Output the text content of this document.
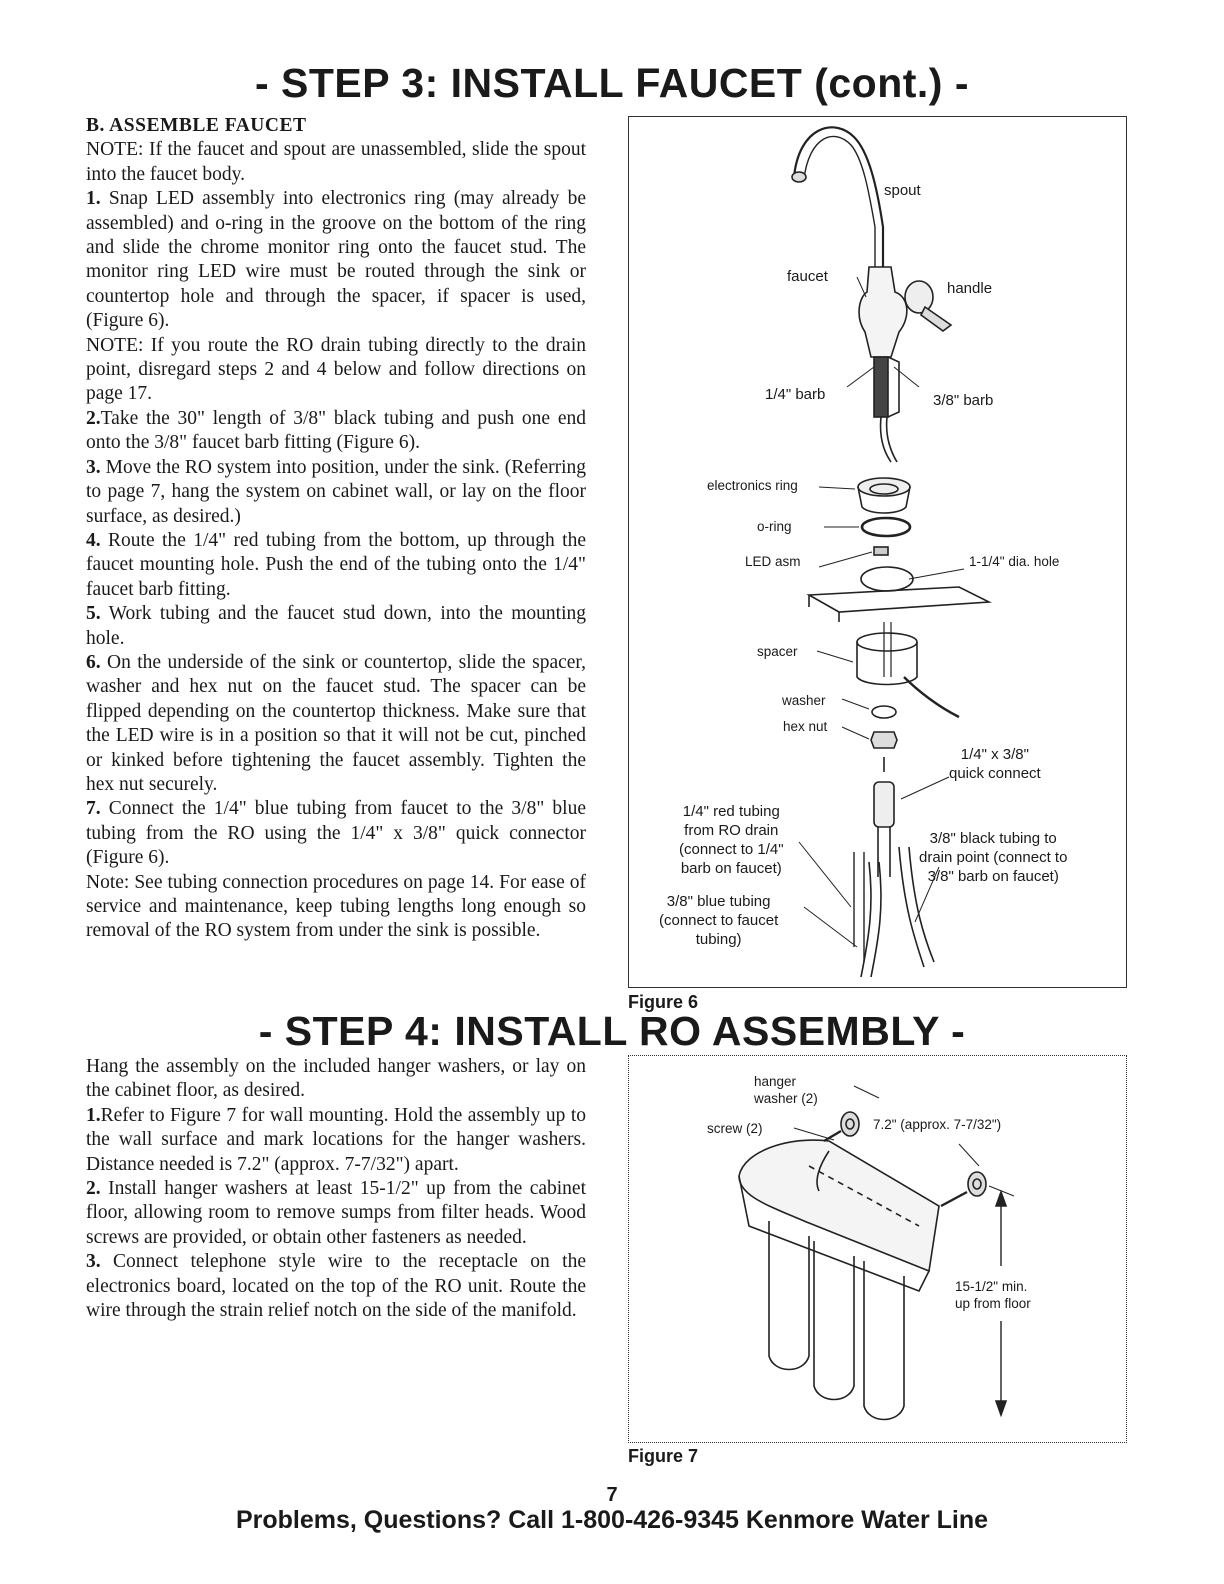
- STEP 3: INSTALL FAUCET (cont.) -

B. ASSEMBLE FAUCET

NOTE: If the faucet and spout are unassembled, slide the spout into the faucet body.

1. Snap LED assembly into electronics ring (may already be assembled) and o-ring in the groove on the bottom of the ring and slide the chrome monitor ring onto the faucet stud. The monitor ring LED wire must be routed through the sink or countertop hole and through the spacer, if spacer is used, (Figure 6).

NOTE: If you route the RO drain tubing directly to the drain point, disregard steps 2 and 4 below and follow directions on page 17.

2.Take the 30" length of 3/8" black tubing and push one end onto the 3/8" faucet barb fitting (Figure 6).

3. Move the RO system into position, under the sink. (Referring to page 7, hang the system on cabinet wall, or lay on the floor surface, as desired.)

4. Route the 1/4" red tubing from the bottom, up through the faucet mounting hole. Push the end of the tubing onto the 1/4" faucet barb fitting.

5. Work tubing and the faucet stud down, into the mounting hole.

6. On the underside of the sink or countertop, slide the spacer, washer and hex nut on the faucet stud. The spacer can be flipped depending on the countertop thickness. Make sure that the LED wire is in a position so that it will not be cut, pinched or kinked before tightening the faucet assembly. Tighten the hex nut securely.

7. Connect the 1/4" blue tubing from faucet to the 3/8" blue tubing from the RO using the 1/4" x 3/8" quick connector (Figure 6).

Note: See tubing connection procedures on page 14. For ease of service and maintenance, keep tubing lengths long enough so removal of the RO system from under the sink is possible.

spout
faucet
handle
1/4" barb	3/8" barb
electronics ring
o-ring
LED asm	1-1/4" dia. hole
spacer
washer
hex nut
1/4" x 3/8"
quick connect
1/4" red tubing
from RO drain
(connect to 1/4"
barb on faucet)
3/8" black tubing to
drain point (connect to
3/8" barb on faucet)
3/8" blue tubing
(connect to faucet
tubing)
Figure 6
- STEP 4: INSTALL RO ASSEMBLY -

Hang the assembly on the included hanger washers, or lay on the cabinet floor, as desired.

1.Refer to Figure 7 for wall mounting. Hold the assembly up to the wall surface and mark locations for the hanger washers. Distance needed is 7.2" (approx. 7-7/32") apart.

2. Install hanger washers at least 15-1/2" up from the cabinet floor, allowing room to remove sumps from filter heads. Wood screws are provided, or obtain other fasteners as needed.

3. Connect telephone style wire to the receptacle on the electronics board, located on the top of the RO unit. Route the wire through the strain relief notch on the side of the manifold.

hanger
washer (2)
screw (2)	7.2" (approx. 7-7/32")
15-1/2" min.
up from floor
Figure 7
7
Problems, Questions? Call 1-800-426-9345 Kenmore Water Line
